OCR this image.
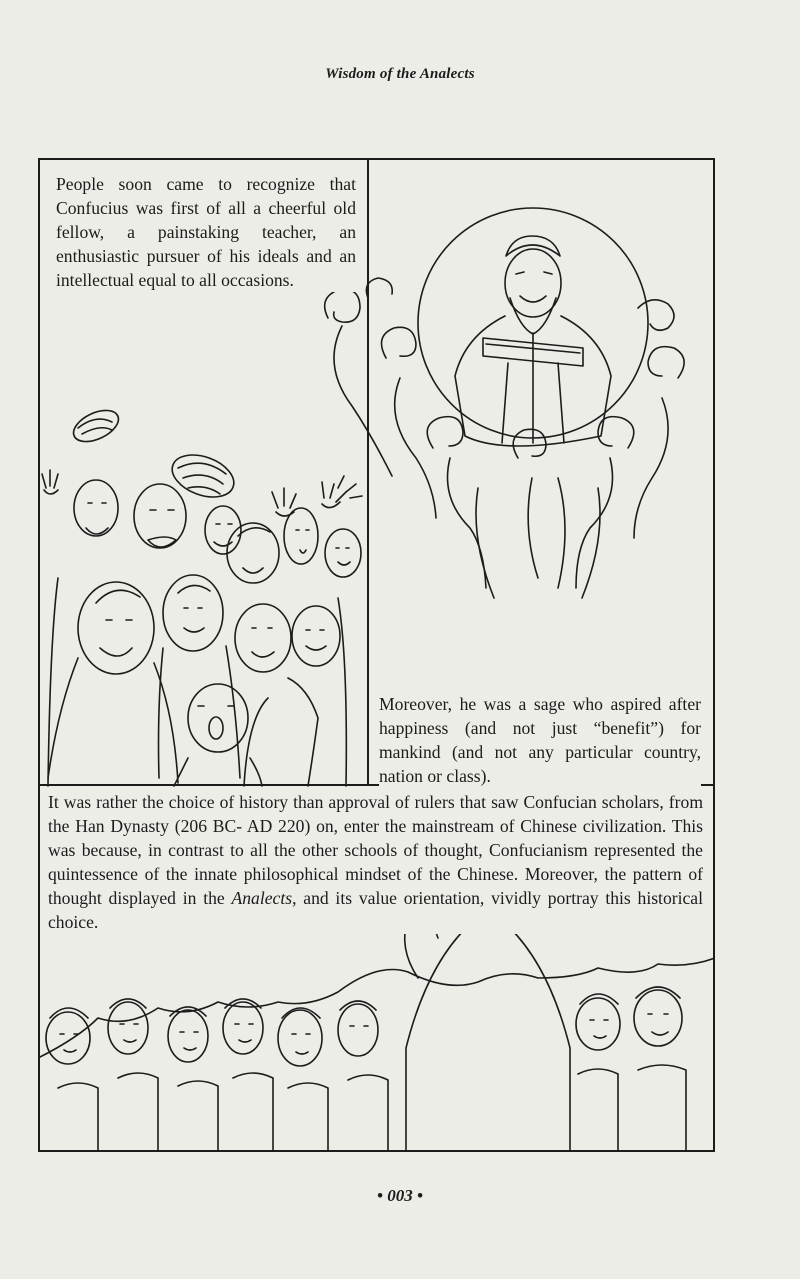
Wisdom of the Analects
People soon came to recognize that Confucius was first of all a cheerful old fellow, a painstaking teacher, an enthusiastic pursuer of his ideals and an intellectual equal to all occasions.
Moreover, he was a sage who aspired after happiness (and not just “benefit”) for mankind (and not any particular country, nation or class).
It was rather the choice of history than approval of rulers that saw Confucian scholars, from the Han Dynasty (206 BC- AD 220) on, enter the mainstream of Chinese civilization. This was because, in contrast to all the other schools of thought, Confucianism represented the quintessence of the innate philosophical mindset of the Chinese. Moreover, the pattern of thought displayed in the Analects, and its value orientation, vividly portray this historical choice.
• 003 •
